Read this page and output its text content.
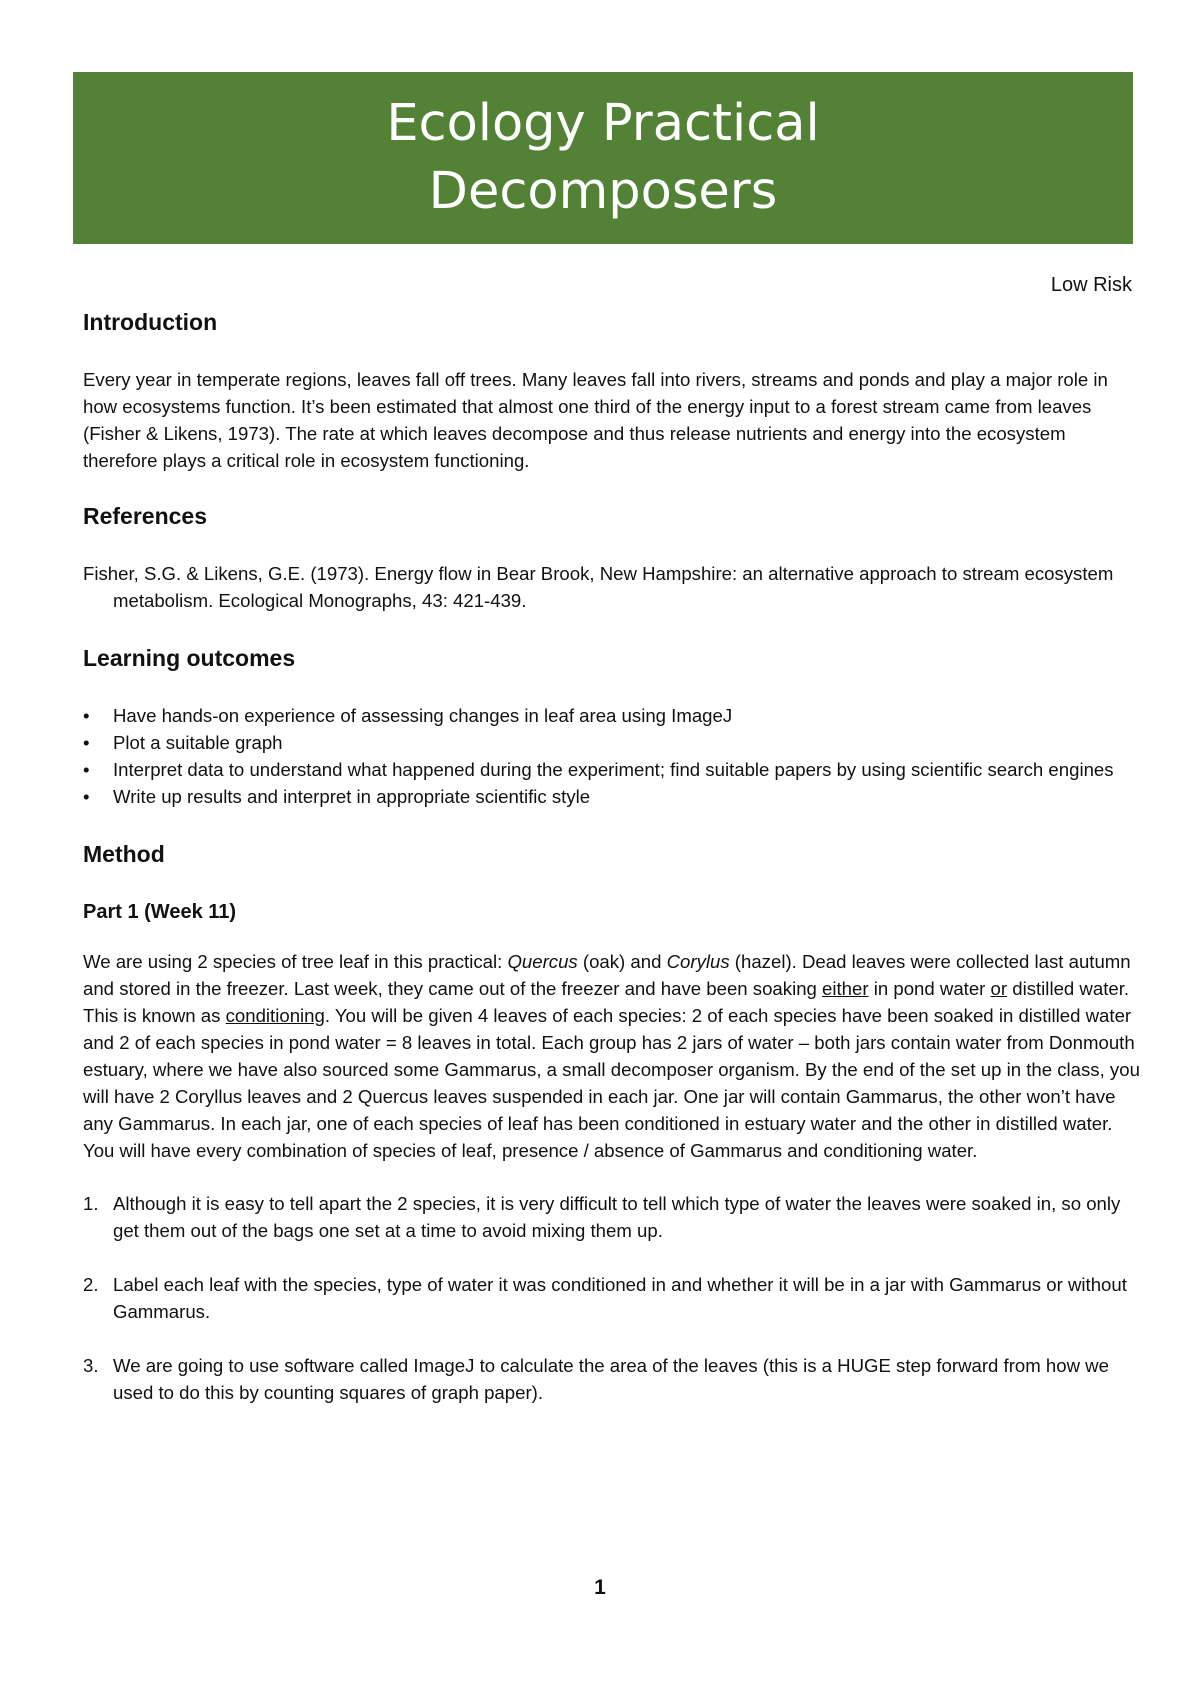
Ecology Practical
Decomposers
Low Risk
Introduction

Every year in temperate regions, leaves fall off trees. Many leaves fall into rivers, streams and ponds and play a major role in how ecosystems function. It’s been estimated that almost one third of the energy input to a forest stream came from leaves (Fisher & Likens, 1973). The rate at which leaves decompose and thus release nutrients and energy into the ecosystem therefore plays a critical role in ecosystem functioning.

References

Fisher, S.G. & Likens, G.E. (1973). Energy flow in Bear Brook, New Hampshire: an alternative approach to stream ecosystem metabolism. Ecological Monographs, 43: 421-439.

Learning outcomes
• Have hands-on experience of assessing changes in leaf area using ImageJ
• Plot a suitable graph
• Interpret data to understand what happened during the experiment; find suitable papers by using scientific search engines
• Write up results and interpret in appropriate scientific style
Method
Part 1 (Week 11)

We are using 2 species of tree leaf in this practical: Quercus (oak) and Corylus (hazel). Dead leaves were collected last autumn and stored in the freezer. Last week, they came out of the freezer and have been soaking either in pond water or distilled water. This is known as conditioning. You will be given 4 leaves of each species: 2 of each species have been soaked in distilled water and 2 of each species in pond water = 8 leaves in total. Each group has 2 jars of water – both jars contain water from Donmouth estuary, where we have also sourced some Gammarus, a small decomposer organism. By the end of the set up in the class, you will have 2 Coryllus leaves and 2 Quercus leaves suspended in each jar. One jar will contain Gammarus, the other won’t have any Gammarus. In each jar, one of each species of leaf has been conditioned in estuary water and the other in distilled water. You will have every combination of species of leaf, presence / absence of Gammarus and conditioning water.

1. Although it is easy to tell apart the 2 species, it is very difficult to tell which type of water the leaves were soaked in, so only get them out of the bags one set at a time to avoid mixing them up.
2. Label each leaf with the species, type of water it was conditioned in and whether it will be in a jar with Gammarus or without Gammarus.
3. We are going to use software called ImageJ to calculate the area of the leaves (this is a HUGE step forward from how we used to do this by counting squares of graph paper).
1
